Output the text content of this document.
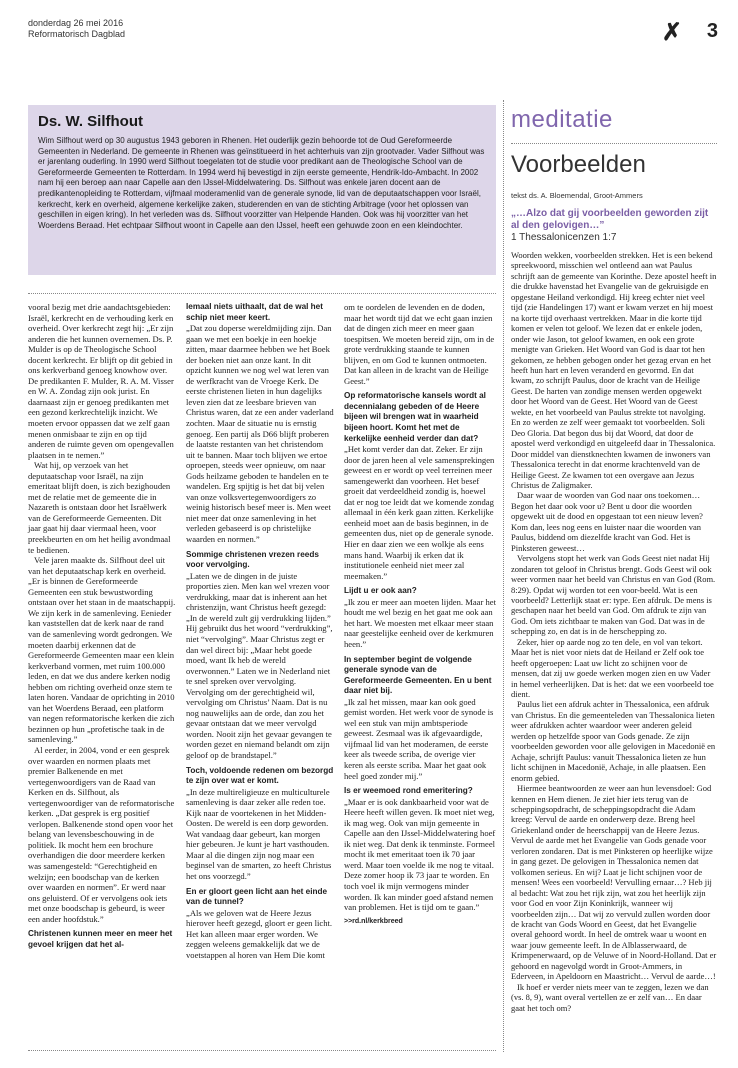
donderdag 26 mei 2016
Reformatorisch Dagblad	✗ 3
Ds. W. Silfhout

Wim Silfhout werd op 30 augustus 1943 geboren in Rhenen. Het ouderlijk gezin behoorde tot de Oud Gereformeerde Gemeenten in Nederland. De gemeente in Rhenen was geïnstitueerd in het achterhuis van zijn grootvader. Vader Silfhout was er jarenlang ouderling. In 1990 werd Silfhout toegelaten tot de studie voor predikant aan de Theologische School van de Gereformeerde Gemeenten te Rotterdam. In 1994 werd hij bevestigd in zijn eerste gemeente, Hendrik-Ido-Ambacht. In 2002 nam hij een beroep aan naar Capelle aan den IJssel-Middelwatering. Ds. Silfhout was enkele jaren docent aan de predikantenopleiding te Rotterdam, vijfmaal moderamenlid van de generale synode, lid van de deputaatschappen voor Israël, kerkrecht, kerk en overheid, algemene kerkelijke zaken, studerenden en van de stichting Arbitrage (voor het oplossen van geschillen in eigen kring). In het verleden was ds. Silfhout voorzitter van Helpende Handen. Ook was hij voorzitter van het Woerdens Beraad. Het echtpaar Silfhout woont in Capelle aan den IJssel, heeft een gehuwde zoon en een kleindochter.

vooral bezig met drie aandachtsgebieden: Israël, kerkrecht en de verhouding kerk en overheid. Over kerkrecht zegt hij: „Er zijn anderen die het kunnen overnemen. Ds. P. Mulder is op de Theologische School docent kerkrecht. Er blijft op dit gebied in ons kerkverband genoeg knowhow over. De predikanten F. Mulder, R. A. M. Visser en W. A. Zondag zijn ook jurist. En daarnaast zijn er genoeg predikanten met een gezond kerkrechtelijk inzicht. We moeten ervoor oppassen dat we zelf gaan menen onmisbaar te zijn en op tijd anderen de ruimte geven om opengevallen plaatsen in te nemen.”

Wat hij, op verzoek van het deputaatschap voor Israël, na zijn emeritaat blijft doen, is zich bezighouden met de relatie met de gemeente die in Nazareth is ontstaan door het Israëlwerk van de Gereformeerde Gemeenten. Dit jaar gaat hij daar viermaal heen, voor preekbeurten en om het heilig avondmaal te bedienen.

Vele jaren maakte ds. Silfhout deel uit van het deputaatschap kerk en overheid. „Er is binnen de Gereformeerde Gemeenten een stuk bewustwording ontstaan over het staan in de maatschappij. We zijn kerk in de samenleving. Eenieder kan vaststellen dat de kerk naar de rand van de samenleving wordt gedrongen. We moeten daarbij erkennen dat de Gereformeerde Gemeenten maar een klein kerkverband vormen, met ruim 100.000 leden, en dat we dus andere kerken nodig hebben om richting overheid onze stem te laten horen. Vandaar de oprichting in 2010 van het Woerdens Beraad, een platform van negen reformatorische kerken die zich bezinnen op hun „profetische taak in de samenleving.”

Al eerder, in 2004, vond er een gesprek over waarden en normen plaats met premier Balkenende en met vertegenwoordigers van de Raad van Kerken en ds. Silfhout, als vertegenwoordiger van de reformatorische kerken. „Dat gesprek is erg positief verlopen. Balkenende stond open voor het belang van levensbeschouwing in de politiek. Ik mocht hem een brochure overhandigen die door meerdere kerken was samengesteld: “Gerechtigheid en welzijn; een boodschap van de kerken over waarden en normen”. Er werd naar ons geluisterd. Of er vervolgens ook iets met onze boodschap is gebeurd, is weer een ander hoofdstuk.”

Christenen kunnen meer en meer het gevoel krijgen dat het al-

lemaal niets uithaalt, dat de wal het schip niet meer keert.

„Dat zou doperse wereldmijding zijn. Dan gaan we met een boekje in een hoekje zitten, maar daarmee hebben we het Boek der boeken niet aan onze kant. In dit opzicht kunnen we nog wel wat leren van de werfkracht van de Vroege Kerk. De eerste christenen lieten in hun dagelijks leven zien dat ze leesbare brieven van Christus waren, dat ze een ander vaderland zochten. Maar de situatie nu is ernstig genoeg. Een partij als D66 blijft proberen de laatste restanten van het christendom uit te bannen. Maar toch blijven we ertoe oproepen, steeds weer opnieuw, om naar Gods heilzame geboden te handelen en te wandelen. Erg spijtig is het dat bij velen van onze volksvertegenwoordigers zo weinig historisch besef meer is. Men weet niet meer dat onze samenleving in het verleden gebaseerd is op christelijke waarden en normen.”

Sommige christenen vrezen reeds voor vervolging.

„Laten we de dingen in de juiste proporties zien. Men kan wel vrezen voor verdrukking, maar dat is inherent aan het christenzijn, want Christus heeft gezegd: „In de wereld zult gij verdrukking lijden.” Hij gebruikt dus het woord “verdrukking”, niet “vervolging”. Maar Christus zegt er dan wel direct bij: „Maar hebt goede moed, want Ik heb de wereld overwonnen.” Laten we in Nederland niet te snel spreken over vervolging. Vervolging om der gerechtigheid wil, vervolging om Christus’ Naam. Dat is nu nog nauwelijks aan de orde, dan zou het gevaar ontstaan dat we meer vervolgd worden. Nooit zijn het gevaar gevangen te worden gezet en niemand belandt om zijn geloof op de brandstapel.”

Toch, voldoende redenen om bezorgd te zijn over wat er komt.

„In deze multireligieuze en multiculturele samenleving is daar zeker alle reden toe. Kijk naar de voortekenen in het Midden-Oosten. De wereld is een dorp geworden. Wat vandaag daar gebeurt, kan morgen hier gebeuren. Je kunt je hart vasthouden. Maar al die dingen zijn nog maar een beginsel van de smarten, zo heeft Christus het ons voorzegd.”

En er gloort geen licht aan het einde van de tunnel?

„Als we geloven wat de Heere Jezus hierover heeft gezegd, gloort er geen licht. Het kan alleen maar erger worden. We zeggen weleens gemakkelijk dat we de voetstappen al horen van Hem Die komt

om te oordelen de levenden en de doden, maar het wordt tijd dat we echt gaan inzien dat de dingen zich meer en meer gaan toespitsen. We moeten bereid zijn, om in de grote verdrukking staande te kunnen blijven, en om God te kunnen ontmoeten. Dat kan alleen in de kracht van de Heilige Geest.”

Op reformatorische kansels wordt al decennialang gebeden of de Heere bijeen wil brengen wat in waarheid bijeen hoort. Komt het met de kerkelijke eenheid verder dan dat?

„Het komt verder dan dat. Zeker. Er zijn door de jaren heen al vele samensprekingen geweest en er wordt op veel terreinen meer samengewerkt dan voorheen. Het besef groeit dat verdeeldheid zondig is, hoewel dat er nog toe leidt dat we komende zondag allemaal in één kerk gaan zitten. Kerkelijke eenheid moet aan de basis beginnen, in de gemeenten dus, niet op de generale synode. Hier en daar zien we een wolkje als eens mans hand. Waarbij ik erken dat ik institutionele eenheid niet meer zal meemaken.”

Lijdt u er ook aan?

„Ik zou er meer aan moeten lijden. Maar het houdt me wel bezig en het gaat me ook aan het hart. We moesten met elkaar meer staan naar geestelijke eenheid over de kerkmuren heen.”

In september begint de volgende generale synode van de Gereformeerde Gemeenten. En u bent daar niet bij.

„Ik zal het missen, maar kan ook goed gemist worden. Het werk voor de synode is wel een stuk van mijn ambtsperiode geweest. Zesmaal was ik afgevaardigde, vijfmaal lid van het moderamen, de eerste keer als tweede scriba, de overige vier keren als eerste scriba. Maar het gaat ook heel goed zonder mij.”

Is er weemoed rond emeritering?

„Maar er is ook dankbaarheid voor wat de Heere heeft willen geven. Ik moet niet weg, ik mag weg. Ook van mijn gemeente in Capelle aan den IJssel-Middelwatering hoef ik niet weg. Dat denk ik tenminste. Formeel mocht ik met emeritaat toen ik 70 jaar werd. Maar toen voelde ik me nog te vitaal. Deze zomer hoop ik 73 jaar te worden. En toch voel ik mijn vermogens minder worden. Ik kan minder goed afstand nemen van problemen. Het is tijd om te gaan.”

>>rd.nl/kerkbreed
meditatie
Voorbeelden
tekst ds. A. Bloemendal, Groot-Ammers
„…Alzo dat gij voorbeelden geworden zijt al den gelovigen…”
1 Thessalonicenzen 1:7

Woorden wekken, voorbeelden strekken. Het is een bekend spreekwoord, misschien wel ontleend aan wat Paulus schrijft aan de gemeente van Korinthe. Deze apostel heeft in die drukke havenstad het Evangelie van de gekruisigde en opgestane Heiland verkondigd. Hij kreeg echter niet veel tijd (zie Handelingen 17) want er kwam verzet en hij moest na korte tijd overhaast vertrekken. Maar in die korte tijd komen er velen tot geloof. We lezen dat er enkele joden, onder wie Jason, tot geloof kwamen, en ook een grote menigte van Grieken. Het Woord van God is daar tot hen gekomen, ze hebben gebogen onder het gezag ervan en het heeft hun hart en leven veranderd en gevormd. En dat kwam, zo schrijft Paulus, door de kracht van de Heilige Geest. De harten van zondige mensen werden opgewekt door het Woord van de Geest. Het Woord van de Geest wekte, en het voorbeeld van Paulus strekte tot navolging. En zo werden ze zelf weer gemaakt tot voorbeelden. Soli Deo Gloria. Dat begon dus bij dat Woord, dat door de apostel werd verkondigd en uitgeleefd daar in Thessalonica. Door middel van dienstknechten kwamen de inwoners van Thessalonica terecht in dat enorme krachtenveld van de Heilige Geest. Ze kwamen tot een overgave aan Jezus Christus de Zaligmaker.

Daar waar de woorden van God naar ons toekomen… Begon het daar ook voor u? Bent u door die woorden opgewekt uit de dood en opgestaan tot een nieuw leven? Kom dan, lees nog eens en luister naar die woorden van Paulus, biddend om diezelfde kracht van God. Het is Pinksteren geweest…

Vervolgens stopt het werk van Gods Geest niet nadat Hij zondaren tot geloof in Christus brengt. Gods Geest wil ook weer vormen naar het beeld van Christus en van God (Rom. 8:29). Opdat wij worden tot een voor-beeld. Wat is een voorbeeld? Letterlijk staat er: type. Een afdruk. De mens is geschapen naar het beeld van God. Om afdruk te zijn van God. Om iets zichtbaar te maken van God. Dat was in de schepping zo, en dat is in de herschepping zo.

Zeker, hier op aarde nog zo ten dele, en vol van tekort. Maar het is niet voor niets dat de Heiland er Zelf ook toe heeft opgeroepen: Laat uw licht zo schijnen voor de mensen, dat zij uw goede werken mogen zien en uw Vader in hemel verheerlijken. Dat is het: dat we een voorbeeld toe dient.

Paulus liet een afdruk achter in Thessalonica, een afdruk van Christus. En die gemeenteleden van Thessalonica lieten weer afdrukken achter waardoor weer anderen geleid werden op hetzelfde spoor van Gods genade. Ze zijn voorbeelden geworden voor alle gelovigen in Macedonië en Achaje, schrijft Paulus: vanuit Thessalonica lieten ze hun licht schijnen in Macedonië, Achaje, in alle plaatsen. Een enorm gebied.

Hiermee beantwoorden ze weer aan hun levensdoel: God kennen en Hem dienen. Je ziet hier iets terug van de scheppingsopdracht, de scheppingsopdracht die Adam kreeg: Vervul de aarde en onderwerp deze. Breng heel Griekenland onder de heerschappij van de Heere Jezus. Vervul de aarde met het Evangelie van Gods genade voor verloren zondaren. Dat is met Pinksteren op heerlijke wijze in gang gezet. De gelovigen in Thessalonica nemen dat volkomen serieus. En wij? Laat je licht schijnen voor de mensen! Wees een voorbeeld! Vervulling ernaar…? Heb jij al bedacht: Wat zou het rijk zijn, wat zou het heerlijk zijn voor God en voor Zijn Koninkrijk, wanneer wij voorbeelden zijn… Dat wij zo vervuld zullen worden door de kracht van Gods Woord en Geest, dat het Evangelie overal gehoord wordt. In heel de omtrek waar u woont en waar jouw gemeente leeft. In de Alblasserwaard, de Krimpenerwaard, op de Veluwe of in Noord-Holland. Dat er gehoord en nagevolgd wordt in Groot-Ammers, in Ederveen, in Apeldoorn en Maastricht… Vervul de aarde…!

Ik hoef er verder niets meer van te zeggen, lezen we dan (vs. 8, 9), want overal vertellen ze er zelf van… En daar gaat het toch om?
